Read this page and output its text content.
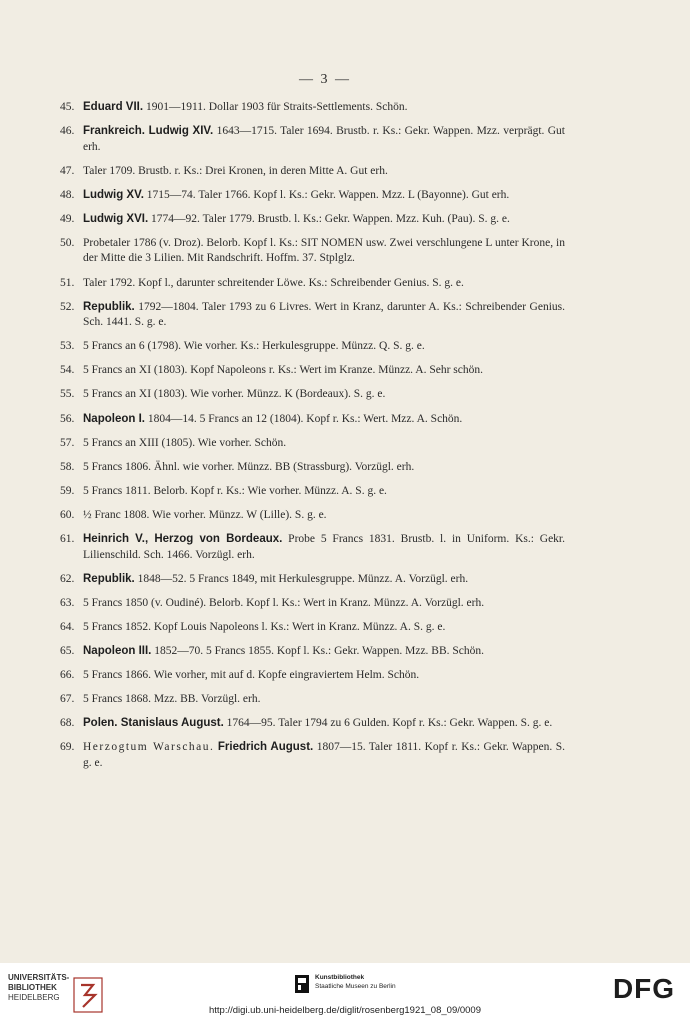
— 3 —
45. Eduard VII. 1901—1911. Dollar 1903 für Straits-Settlements. Schön.
46. Frankreich. Ludwig XIV. 1643—1715. Taler 1694. Brustb. r. Ks.: Gekr. Wappen. Mzz. verprägt. Gut erh.
47. Taler 1709. Brustb. r. Ks.: Drei Kronen, in deren Mitte A. Gut erh.
48. Ludwig XV. 1715—74. Taler 1766. Kopf l. Ks.: Gekr. Wappen. Mzz. L (Bayonne). Gut erh.
49. Ludwig XVI. 1774—92. Taler 1779. Brustb. l. Ks.: Gekr. Wappen. Mzz. Kuh. (Pau). S. g. e.
50. Probetaler 1786 (v. Droz). Belorb. Kopf l. Ks.: SIT NOMEN usw. Zwei verschlungene L unter Krone, in der Mitte die 3 Lilien. Mit Randschrift. Hoffm. 37. Stplglz.
51. Taler 1792. Kopf l., darunter schreitender Löwe. Ks.: Schreibender Genius. S. g. e.
52. Republik. 1792—1804. Taler 1793 zu 6 Livres. Wert in Kranz, darunter A. Ks.: Schreibender Genius. Sch. 1441. S. g. e.
53. 5 Francs an 6 (1798). Wie vorher. Ks.: Herkulesgruppe. Münzz. Q. S. g. e.
54. 5 Francs an XI (1803). Kopf Napoleons r. Ks.: Wert im Kranze. Münzz. A. Sehr schön.
55. 5 Francs an XI (1803). Wie vorher. Münzz. K (Bordeaux). S. g. e.
56. Napoleon I. 1804—14. 5 Francs an 12 (1804). Kopf r. Ks.: Wert. Mzz. A. Schön.
57. 5 Francs an XIII (1805). Wie vorher. Schön.
58. 5 Francs 1806. Ähnl. wie vorher. Münzz. BB (Strassburg). Vorzügl. erh.
59. 5 Francs 1811. Belorb. Kopf r. Ks.: Wie vorher. Münzz. A. S. g. e.
60. ½ Franc 1808. Wie vorher. Münzz. W (Lille). S. g. e.
61. Heinrich V., Herzog von Bordeaux. Probe 5 Francs 1831. Brustb. l. in Uniform. Ks.: Gekr. Lilienschild. Sch. 1466. Vorzügl. erh.
62. Republik. 1848—52. 5 Francs 1849, mit Herkulesgruppe. Münzz. A. Vorzügl. erh.
63. 5 Francs 1850 (v. Oudiné). Belorb. Kopf l. Ks.: Wert in Kranz. Münzz. A. Vorzügl. erh.
64. 5 Francs 1852. Kopf Louis Napoleons l. Ks.: Wert in Kranz. Münzz. A. S. g. e.
65. Napoleon III. 1852—70. 5 Francs 1855. Kopf l. Ks.: Gekr. Wappen. Mzz. BB. Schön.
66. 5 Francs 1866. Wie vorher, mit auf d. Kopfe eingraviertem Helm. Schön.
67. 5 Francs 1868. Mzz. BB. Vorzügl. erh.
68. Polen. Stanislaus August. 1764—95. Taler 1794 zu 6 Gulden. Kopf r. Ks.: Gekr. Wappen. S. g. e.
69. Herzogtum Warschau. Friedrich August. 1807—15. Taler 1811. Kopf r. Ks.: Gekr. Wappen. S. g. e.
UNIVERSITÄTS-
BIBLIOTHEK
HEIDELBERG
Kunstbibliothek
Staatliche Museen zu Berlin	DFG
http://digi.ub.uni-heidelberg.de/diglit/rosenberg1921_08_09/0009
